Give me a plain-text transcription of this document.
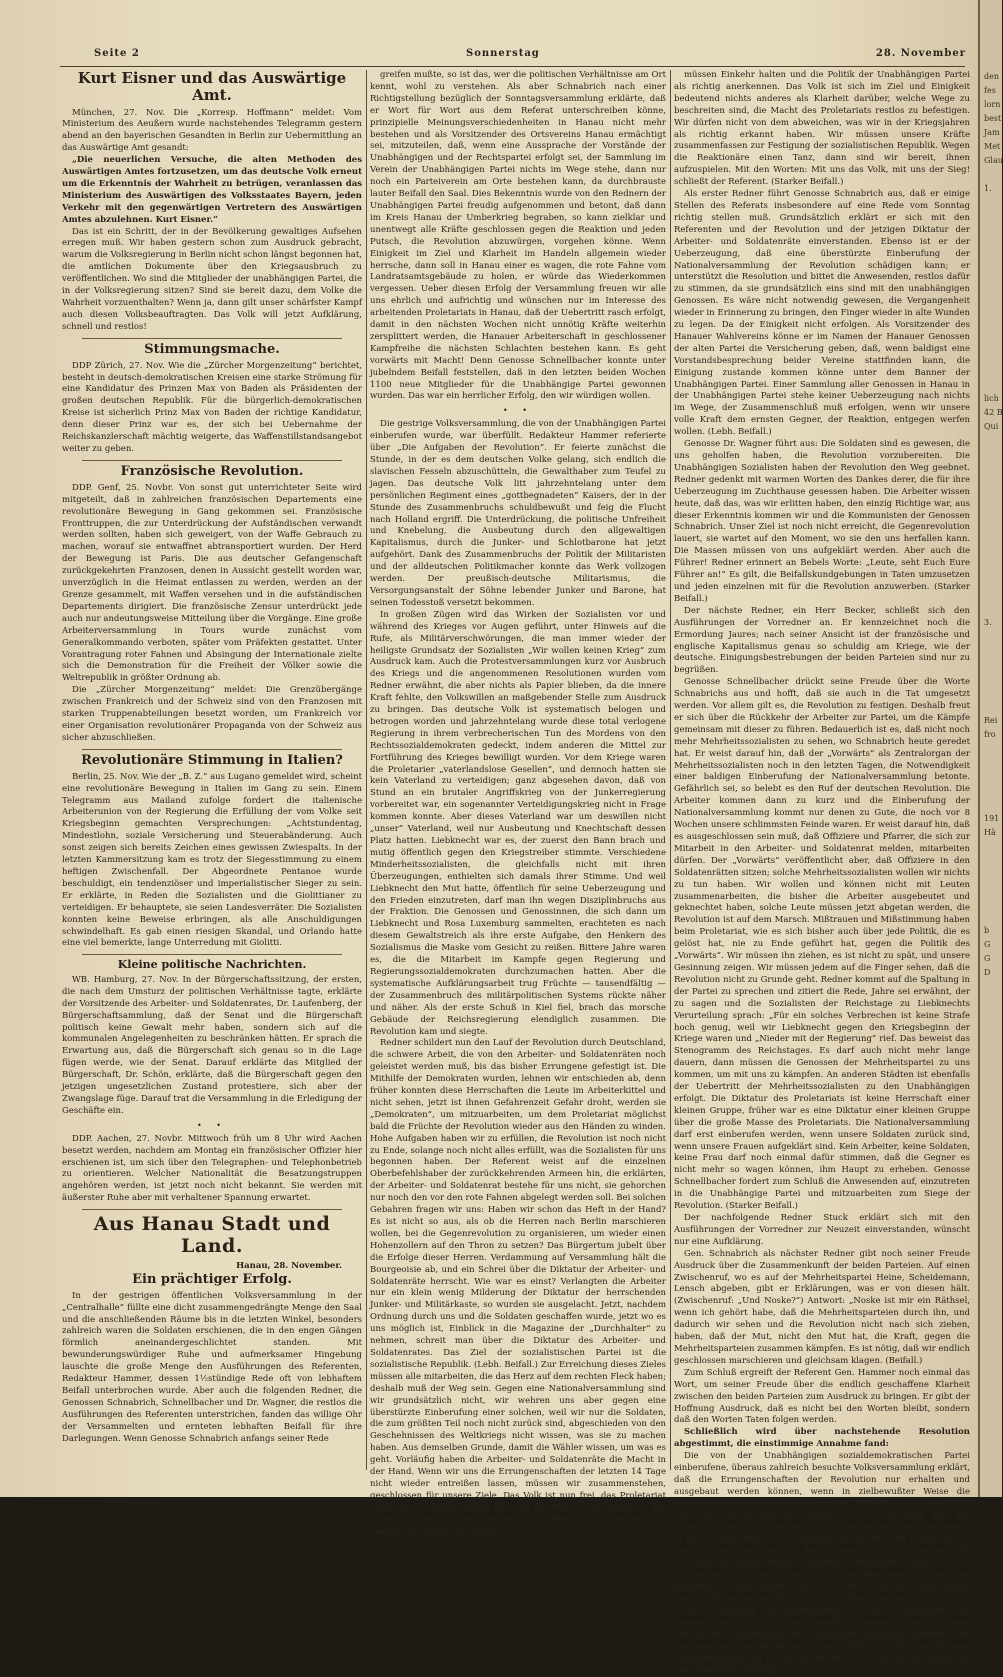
den
fes
lorn
best
Jam
Met
Glau

1.

lich
42 B
Qui

3.

Rei
fro

191
Hä

b
G
G
D
Seite 2	Sonnerstag	28. November
Kurt Eisner und das Auswärtige Amt.

München, 27. Nov. Die „Korresp. Hoffmann“ meldet: Vom Ministerium des Aeußern wurde nachstehendes Telegramm gestern abend an den bayerischen Gesandten in Berlin zur Uebermittlung an das Auswärtige Amt gesandt:

„Die neuerlichen Versuche, die alten Methoden des Auswärtigen Amtes fortzusetzen, um das deutsche Volk erneut um die Erkenntnis der Wahrheit zu betrügen, veranlassen das Ministerium des Auswärtigen des Volksstaates Bayern, jeden Verkehr mit den gegenwärtigen Vertretern des Auswärtigen Amtes abzulehnen. Kurt Eisner.“

Das ist ein Schritt, der in der Bevölkerung gewaltiges Aufsehen erregen muß. Wir haben gestern schon zum Ausdruck gebracht, warum die Volksregierung in Berlin nicht schon längst begonnen hat, die amtlichen Dokumente über den Kriegsausbruch zu veröffentlichen. Wo sind die Mitglieder der unabhängigen Partei, die in der Volksregierung sitzen? Sind sie bereit dazu, dem Volke die Wahrheit vorzuenthalten? Wenn ja, dann gilt unser schärfster Kampf auch diesen Volksbeauftragten. Das Volk will jetzt Aufklärung, schnell und restlos!

Stimmungsmache.

DDP Zürich, 27. Nov. Wie die „Zürcher Morgenzeitung“ berichtet, besteht in deutsch-demokratischen Kreisen eine starke Strömung für eine Kandidatur des Prinzen Max von Baden als Präsidenten der großen deutschen Republik. Für die bürgerlich-demokratischen Kreise ist sicherlich Prinz Max von Baden der richtige Kandidatur, denn dieser Prinz war es, der sich bei Uebernahme der Reichskanzlerschaft mächtig weigerte, das Waffenstillstandsangebot weiter zu geben.

Französische Revolution.

DDP. Genf, 25. Novbr. Von sonst gut unterrichteter Seite wird mitgeteilt, daß in zahlreichen französischen Departements eine revolutionäre Bewegung in Gang gekommen sei. Französische Fronttruppen, die zur Unterdrückung der Aufständischen verwandt werden sollten, haben sich geweigert, von der Waffe Gebrauch zu machen, worauf sie entwaffnet abtransportiert wurden. Der Herd der Bewegung ist Paris. Die aus deutscher Gefangenschaft zurückgekehrten Franzosen, denen in Aussicht gestellt worden war, unverzüglich in die Heimat entlassen zu werden, werden an der Grenze gesammelt, mit Waffen versehen und in die aufständischen Departements dirigiert. Die französische Zensur unterdrückt jede auch nur andeutungsweise Mitteilung über die Vorgänge. Eine große Arbeiterversammlung in Tours wurde zunächst vom Generalkommando verboten, später vom Präfekten gestattet. Unter Vorantragung roter Fahnen und Absingung der Internationale zielte sich die Demonstration für die Freiheit der Völker sowie die Weltrepublik in größter Ordnung ab.

Die „Zürcher Morgenzeitung“ meldet: Die Grenzübergänge zwischen Frankreich und der Schweiz sind von den Franzosen mit starken Truppenabteilungen besetzt worden, um Frankreich vor einer Organisation revolutionärer Propaganda von der Schweiz aus sicher abzuschließen.

Revolutionäre Stimmung in Italien?

Berlin, 25. Nov. Wie der „B. Z.“ aus Lugano gemeldet wird, scheint eine revolutionäre Bewegung in Italien im Gang zu sein. Einem Telegramm aus Mailand zufolge fordert die italienische Arbeiterunion von der Regierung die Erfüllung der vom Volke seit Kriegsbeginn gemachten Versprechungen: „Achtstundentag, Mindestlohn, soziale Versicherung und Steuerabänderung. Auch sonst zeigen sich bereits Zeichen eines gewissen Zwiespalts. In der letzten Kammersitzung kam es trotz der Siegesstimmung zu einem heftigen Zwischenfall. Der Abgeordnete Pentanoe wurde beschuldigt, ein tendenziöser und imperialistischer Sieger zu sein. Er erklärte, in Reden die Sozialisten und die Giolittianer zu verteidigen. Er behauptete, sie seien Landesverräter. Die Sozialisten konnten keine Beweise erbringen, als alle Anschuldigungen schwindelhaft. Es gab einen riesigen Skandal, und Orlando hatte eine viel bemerkte, lange Unterredung mit Giolitti.

Kleine politische Nachrichten.

WB. Hamburg, 27. Nov. In der Bürgerschaftssitzung, der ersten, die nach dem Umsturz der politischen Verhältnisse tagte, erklärte der Vorsitzende des Arbeiter- und Soldatenrates, Dr. Laufenberg, der Bürgerschaftsammlung, daß der Senat und die Bürgerschaft politisch keine Gewalt mehr haben, sondern sich auf die kommunalen Angelegenheiten zu beschränken hätten. Er sprach die Erwartung aus, daß die Bürgerschaft sich genau so in die Lage fügen werde, wie der Senat. Darauf erklärte das Mitglied der Bürgerschaft, Dr. Schön, erklärte, daß die Bürgerschaft gegen den jetzigen ungesetzlichen Zustand protestiere, sich aber der Zwangslage füge. Darauf trat die Versammlung in die Erledigung der Geschäfte ein.

• •

DDP. Aachen, 27. Novbr. Mittwoch früh um 8 Uhr wird Aachen besetzt werden, nachdem am Montag ein französischer Offizier hier erschienen ist, um sich über den Telegraphen- und Telephonbetrieb zu orientieren. Welcher Nationalität die Besatzungstruppen angehören werden, ist jetzt noch nicht bekannt. Sie werden mit äußerster Ruhe aber mit verhaltener Spannung erwartet.

Aus Hanau Stadt und Land.
Hanau, 28. November.
Ein prächtiger Erfolg.

In der gestrigen öffentlichen Volksversammlung in der „Centralhalle“ füllte eine dicht zusammengedrängte Menge den Saal und die anschließenden Räume bis in die letzten Winkel, besonders zahlreich waren die Soldaten erschienen, die in den engen Gängen förmlich aneinandergeschlichtet standen. Mit bewunderungswürdiger Ruhe und aufmerksamer Hingebung lauschte die große Menge den Ausführungen des Referenten, Redakteur Hammer, dessen 1½stündige Rede oft von lebhaftem Beifall unterbrochen wurde. Aber auch die folgenden Redner, die Genossen Schnabrich, Schnellbacher und Dr. Wagner, die restlos die Ausführungen des Referenten unterstrichen, fanden das willige Ohr der Versammelten und ernteten lebhaften Beifall für ihre Darlegungen. Wenn Genosse Schnabrich anfangs seiner Rede

greifen mußte, so ist das, wer die politischen Verhältnisse am Ort kennt, wohl zu verstehen. Als aber Schnabrich nach einer Richtigstellung bezüglich der Sonntagsversammlung erklärte, daß er Wort für Wort aus dem Referat unterschreiben könne, prinzipielle Meinungsverschiedenheiten in Hanau nicht mehr bestehen und als Vorsitzender des Ortsvereins Hanau ermächtigt sei, mitzuteilen, daß, wenn eine Aussprache der Vorstände der Unabhängigen und der Rechtspartei erfolgt sei, der Sammlung im Verein der Unabhängigen Partei nichts im Wege stehe, dann nur noch ein Parteiverein am Orte bestehen kann, da durchbrauste lauter Beifall den Saal. Dies Bekenntnis wurde von den Rednern der Unabhängigen Partei freudig aufgenommen und betont, daß dann im Kreis Hanau der Umberkrieg begraben, so kann zielklar und unentwegt alle Kräfte geschlossen gegen die Reaktion und jeden Putsch, die Revolution abzuwürgen, vorgehen könne. Wenn Einigkeit im Ziel und Klarheit im Handeln allgemein wieder herrsche, dann soll in Hanau einer es wagen, die rote Fahne vom Landratsamtsgebäude zu holen, er würde das Wiederkommen vergessen. Ueber diesen Erfolg der Versammlung freuen wir alle uns ehrlich und aufrichtig und wünschen nur im Interesse des arbeitenden Proletariats in Hanau, daß der Uebertritt rasch erfolgt, damit in den nächsten Wochen nicht unnötig Kräfte weiterhin zersplittert werden, die Hanauer Arbeiterschaft in geschlossener Kampfreihe die nächsten Schlachten bestehen kann. Es geht vorwärts mit Macht! Denn Genosse Schnellbacher konnte unter jubelndem Beifall feststellen, daß in den letzten beiden Wochen 1100 neue Mitglieder für die Unabhängige Partei gewonnen wurden. Das war ein herrlicher Erfolg, den wir würdigen wollen.

• •

Die gestrige Volksversammlung, die von der Unabhängigen Partei einberufen wurde, war überfüllt. Redakteur Hammer referierte über „Die Aufgaben der Revolution“. Er feierte zunächst die Stunde, in der es dem deutschen Volke gelang, sich endlich die slavischen Fesseln abzuschütteln, die Gewalthaber zum Teufel zu jagen. Das deutsche Volk litt jahrzehntelang unter dem persönlichen Regiment eines „gottbegnadeten“ Kaisers, der in der Stunde des Zusammenbruchs schuldbewußt und feig die Flucht nach Holland ergriff. Die Unterdrückung, die politische Unfreiheit und Knebelung, die Ausbeutung durch den allgewaltigen Kapitalismus, durch die Junker- und Schlotbarone hat jetzt aufgehört. Dank des Zusammenbruchs der Politik der Militaristen und der alldeutschen Politikmacher konnte das Werk vollzogen werden. Der preußisch-deutsche Militarismus, die Versorgungsanstalt der Söhne lebender Junker und Barone, hat seinen Todesstoß versetzt bekommen.

In großen Zügen wird das Wirken der Sozialisten vor und während des Krieges vor Augen geführt, unter Hinweis auf die Rufe, als Militärverschwörungen, die man immer wieder der heiligste Grundsatz der Sozialisten „Wir wollen keinen Krieg“ zum Ausdruck kam. Auch die Protestversammlungen kurz vor Ausbruch des Kriegs und die angenommenen Resolutionen wurden vom Redner erwähnt, die aber nichts als Papier blieben, da die innere Kraft fehlte, den Volkswillen an maßgebender Stelle zum Ausdruck zu bringen. Das deutsche Volk ist systematisch belogen und betrogen worden und jahrzehntelang wurde diese total verlogene Regierung in ihrem verbrecherischen Tun des Mordens von den Rechtssozialdemokraten gedeckt, indem anderen die Mittel zur Fortführung des Krieges bewilligt wurden. Vor dem Kriege waren die Proletarier „vaterlandslose Gesellen“, und dennoch hatten sie kein Vaterland zu verteidigen; ganz abgesehen davon, daß von Stund an ein brutaler Angriffskrieg von der Junkerregierung vorbereitet war, ein sogenannter Verteidigungskrieg nicht in Frage kommen konnte. Aber dieses Vaterland war um deswillen nicht „unser“ Vaterland, weil nur Ausbeutung und Knechtschaft dessen Platz hatten. Liebknecht war es, der zuerst den Bann brach und mutig öffentlich gegen den Kriegstreiber stimmte. Verschiedene Minderheitssozialisten, die gleichfalls nicht mit ihren Überzeugungen, enthielten sich damals ihrer Stimme. Und weil Liebknecht den Mut hatte, öffentlich für seine Ueberzeugung und den Frieden einzutreten, darf man ihn wegen Disziplinbruchs aus der Fraktion. Die Genossen und Genossinnen, die sich dann um Liebknecht und Rosa Luxemburg sammelten, erachteten es nach diesem Gewaltstreich als ihre erste Aufgabe, den Henkern des Sozialismus die Maske vom Gesicht zu reißen. Bittere Jahre waren es, die die Mitarbeit im Kampfe gegen Regierung und Regierungssozialdemokraten durchzumachen hatten. Aber die systematische Aufklärungsarbeit trug Früchte — tausendfältig — der Zusammenbruch des militärpolitischen Systems rückte näher und näher. Als der erste Schuß in Kiel fiel, brach das morsche Gebäude der Reichsregierung elendiglich zusammen. Die Revolution kam und siegte.

Redner schildert nun den Lauf der Revolution durch Deutschland, die schwere Arbeit, die von den Arbeiter- und Soldatenräten noch geleistet werden muß, bis das bisher Errungene gefestigt ist. Die Mithilfe der Demokraten wurden, lehnen wir entschieden ab, denn früher konnten diese Herrschaften die Leute im Arbeiterkittel und nicht sehen, jetzt ist ihnen Gefahrenzeit Gefahr droht, werden sie „Demokraten“, um mitzuarbeiten, um dem Proletariat möglichst bald die Früchte der Revolution wieder aus den Händen zu winden. Hohe Aufgaben haben wir zu erfüllen, die Revolution ist noch nicht zu Ende, solange noch nicht alles erfüllt, was die Sozialisten für uns begonnen haben. Der Referent weist auf die einzelnen Oberbefehlshaber der zurückkehrenden Armeen hin, die erklärten, der Arbeiter- und Soldatenrat bestehe für uns nicht, sie gehorchen nur noch den vor den rote Fahnen abgelegt werden soll. Bei solchen Gebahren fragen wir uns: Haben wir schon das Heft in der Hand? Es ist nicht so aus, als ob die Herren nach Berlin marschieren wollen, bei die Gegenrevolution zu organisieren, um wieder einen Hohenzollern auf den Thron zu setzen? Das Bürgertum jubelt über die Erfolge dieser Herren. Verdammung auf Versammlung hält die Bourgeoisie ab, und ein Schrei über die Diktatur der Arbeiter- und Soldatenräte herrscht. Wie war es einst? Verlangten die Arbeiter nur ein klein wenig Milderung der Diktatur der herrschenden Junker- und Militärkaste, so wurden sie ausgelacht. Jetzt, nachdem Ordnung durch uns und die Soldaten geschaffen wurde, jetzt wo es uns möglich ist, Einblick in die Magazine der „Durchhalter“ zu nehmen, schreit man über die Diktatur des Arbeiter- und Soldatenrates. Das Ziel der sozialistischen Partei ist die sozialistische Republik. (Lebh. Beifall.) Zur Erreichung dieses Zieles müssen alle mitarbeiten, die das Herz auf dem rechten Fleck haben; deshalb muß der Weg sein. Gegen eine Nationalversammlung sind wir grundsätzlich nicht, wir wehren uns aber gegen eine überstürzte Einberufung einer solchen, weil wir nur die Soldaten, die zum größten Teil noch nicht zurück sind, abgeschieden von den Geschehnissen des Weltkriegs nicht wissen, was sie zu machen haben. Aus demselben Grunde, damit die Wähler wissen, um was es geht. Vorläufig haben die Arbeiter- und Soldatenräte die Macht in der Hand. Wenn wir uns die Errungenschaften der letzten 14 Tage nicht wieder entreißen lassen, müssen wir zusammenstehen, geschlossen für unsere Ziele. Das Volk ist nun frei, das Proletariat muß, was es übernommen hat und die Führer, die bisher in der Politik nur ein bißchen hier und da Waffenstillstand geführt, um deshalb die Mittel bewilligten,

müssen Einkehr halten und die Politik der Unabhängigen Partei als richtig anerkennen. Das Volk ist sich im Ziel und Einigkeit bedeutend nichts anderes als Klarheit darüber, welche Wege zu beschreiten sind, die Macht des Proletariats restlos zu befestigen. Wir dürfen nicht von dem abweichen, was wir in der Kriegsjahren als richtig erkannt haben. Wir müssen unsere Kräfte zusammenfassen zur Festigung der sozialistischen Republik. Wegen die Reaktionäre einen Tanz, dann sind wir bereit, ihnen aufzuspielen. Mit den Worten: Mit uns das Volk, mit uns der Sieg! schließt der Referent. (Starker Beifall.)

Als erster Redner führt Genosse Schnabrich aus, daß er einige Stellen des Referats insbesondere auf eine Rede vom Sonntag richtig stellen muß. Grundsätzlich erklärt er sich mit den Referenten und der Revolution und der jetzigen Diktatur der Arbeiter- und Soldatenräte einverstanden. Ebenso ist er der Ueberzeugung, daß eine überstürzte Einberufung der Nationalversammlung der Revolution schädigen kann; er unterstützt die Resolution und bittet die Anwesenden, restlos dafür zu stimmen, da sie grundsätzlich eins sind mit den unabhängigen Genossen. Es wäre nicht notwendig gewesen, die Vergangenheit wieder in Erinnerung zu bringen, den Finger wieder in alte Wunden zu legen. Da der Einigkeit nicht erfolgen. Als Vorsitzender des Hanauer Wahlvereins könne er im Namen der Hanauer Genossen der alten Partei die Versicherung geben, daß, wenn baldigst eine Vorstandsbesprechung beider Vereine stattfinden kann, die Einigung zustande kommen könne unter dem Banner der Unabhängigen Partei. Einer Sammlung aller Genossen in Hanau in der Unabhängigen Partei stehe keiner Ueberzeugung nach nichts im Wege, der Zusammenschluß muß erfolgen, wenn wir unsere volle Kraft dem ernsten Gegner, der Reaktion, entgegen werfen wollen. (Lebh. Beifall.)

Genosse Dr. Wagner führt aus: Die Soldaten sind es gewesen, die uns geholfen haben, die Revolution vorzubereiten. Die Unabhängigen Sozialisten haben der Revolution den Weg geebnet. Redner gedenkt mit warmen Worten des Dankes derer, die für ihre Ueberzeugung im Zuchthause gesessen haben. Die Arbeiter wissen heute, daß das, was wir erlitten haben, den einzig Richtige war, aus dieser Erkenntnis kommen wir und die Kommunisten der Genossen Schnabrich. Unser Ziel ist noch nicht erreicht, die Gegenrevolution lauert, sie wartet auf den Moment, wo sie den uns herfallen kann. Die Massen müssen von uns aufgeklärt werden. Aber auch die Führer! Redner erinnert an Bebels Worte: „Leute, seht Euch Eure Führer an!“ Es gilt, die Beifallskundgebungen in Taten umzusetzen und jeden einzelnen mit für die Revolution anzuwerben. (Starker Beifall.)

Der nächste Redner, ein Herr Becker, schließt sich den Ausführungen der Vorredner an. Er kennzeichnet noch die Ermordung Jaures; nach seiner Ansicht ist der französische und englische Kapitalismus genau so schuldig am Kriege, wie der deutsche. Einigungsbestrebungen der beiden Parteien sind nur zu begrüßen.

Genosse Schnellbacher drückt seine Freude über die Worte Schnabrichs aus und hofft, daß sie auch in die Tat umgesetzt werden. Vor allem gilt es, die Revolution zu festigen. Deshalb freut er sich über die Rückkehr der Arbeiter zur Partei, um die Kämpfe gemeinsam mit dieser zu führen. Bedauerlich ist es, daß nicht noch mehr Mehrheitssozialisten zu sehen, wo Schnabrich heute geredet hat. Er weist darauf hin, daß der „Vorwärts“ als Zentralorgan der Mehrheitssozialisten noch in den letzten Tagen, die Notwendigkeit einer baldigen Einberufung der Nationalversammlung betonte. Gefährlich sei, so belebt es den Ruf der deutschen Revolution. Die Arbeiter kommen dann zu kurz und die Einberufung der Nationalversammlung kommt nur denen zu Gute, die noch vor 8 Wochen unsere schlimmsten Feinde waren. Er weist darauf hin, daß es ausgeschlossen sein muß, daß Offiziere und Pfarrer, die sich zur Mitarbeit in den Arbeiter- und Soldatenrat melden, mitarbeiten dürfen. Der „Vorwärts“ veröffentlicht aber, daß Offiziere in den Soldatenrätten sitzen; solche Mehrheitssozialisten wollen wir nichts zu tun haben. Wir wollen und können nicht mit Leuten zusammenarbeiten, die bisher die Arbeiter ausgebeutet und geknechtet haben, solche Leute müssen jetzt abgetan werden, die Revolution ist auf dem Marsch. Mißtrauen und Mißstimmung haben beim Proletariat, wie es sich bisher auch über jede Politik, die es gelöst hat, nie zu Ende geführt hat, gegen die Politik des „Vorwärts“. Wir müssen ihn ziehen, es ist nicht zu spät, und unsere Gesinnung zeigen. Wir müssen jedem auf die Finger sehen, daß die Revolution nicht zu Grunde geht. Redner kommt auf die Spaltung in der Partei zu sprechen und zitiert die Rede, Jahre sei erwähnt, der zu sagen und die Sozialisten der Reichstage zu Liebknechts Verurteilung sprach: „Für ein solches Verbrechen ist keine Strafe hoch genug, weil wir Liebknecht gegen den Kriegsbeginn der Kriege waren und „Nieder mit der Regierung“ rief. Das beweist das Stenogramm des Reichstages. Es darf auch nicht mehr lange dauern, dann müssen die Genossen der Mehrheitspartei zu uns kommen, um mit uns zu kämpfen. An anderen Städten ist ebenfalls der Uebertritt der Mehrheitssozialisten zu den Unabhängigen erfolgt. Die Diktatur des Proletariats ist keine Herrschaft einer kleinen Gruppe, früher war es eine Diktatur einer kleinen Gruppe über die große Masse des Proletariats. Die Nationalversammlung darf erst einberufen werden, wenn unsere Soldaten zurück sind, wenn unsere Frauen aufgeklärt sind. Kein Arbeiter, keine Soldaten, keine Frau darf noch einmal dafür stimmen, daß die Gegner es nicht mehr so wagen können, ihm Haupt zu erheben. Genosse Schnellbacher fordert zum Schluß die Anwesenden auf, einzutreten in die Unabhängige Partei und mitzuarbeiten zum Siege der Revolution. (Starker Beifall.)

Der nachfolgende Redner Stuck erklärt sich mit den Ausführungen der Vorredner zur Neuzeit einverstanden, wünscht nur eine Aufklärung.

Gen. Schnabrich als nächster Redner gibt noch seiner Freude Ausdruck über die Zusammenkunft der beiden Parteien. Auf einen Zwischenruf, wo es auf der Mehrheitspartei Heine, Scheidemann, Lensch abgeben, gibt er Erklärungen, was er von diesen hält. (Zwischenruf: „Und Noske?“) Antwort: „Noske ist mir ein Räthsel, wenn ich gehört habe, daß die Mehrheitsparteien durch ihn, und dadurch wir sehen und die Revolution nicht nach sich ziehen, haben, daß der Mut, nicht den Mut hat, die Kraft, gegen die Mehrheitsparteien zusammen kämpfen. Es ist nötig, daß wir endlich geschlossen marschieren und gleichsam klagen. (Beifall.)

Zum Schluß ergreift der Referent Gen. Hammer noch einmal das Wort, um seiner Freude über die endlich geschaffene Klarheit zwischen den beiden Parteien zum Ausdruck zu bringen. Er gibt der Hoffnung Ausdruck, daß es nicht bei den Worten bleibt, sondern daß den Worten Taten folgen werden.

Schließlich wird über nachstehende Resolution abgestimmt, die einstimmige Annahme fand:

Die von der Unabhängigen sozialdemokratischen Partei einberufene, überaus zahlreich besuchte Volksversammlung erklärt, daß die Errungenschaften der Revolution nur erhalten und ausgebaut werden können, wenn in zielbewußter Weise die sozialistische Wirtschaftsweise in eine sozialistische übergeführt wird. Um dieses Ziel zu sichern, ist es notwendig, daß das Proletariat die politische Gewalt, die ihm die Revolution verliehen, in ihrer Hand behält. Die Ausübung der politischen Gewalt durch das Proletariat geschieht in den Arbeiter- und Soldatenräten, die sich nicht mit sozialistischen Elementen freizuhalten haben.

Eine Nationalversammlung ist einzuberufen, wenn die Garantie gegeben ist, daß dadurch nicht die Herrschaft der Demokratie, sondern die wahre Ausdruck des Volkswillens werden.

Diese Garantien sind gegenwärtig noch nicht vorhanden. Nur Gegner der sozialistischen Republik können daher für eine überstürzte Einberufung der Nationalversammlung eintreten. Die Versammlung beauftragt, mit allen Kräften für die Unabhängige sozialdemokratische Partei einzutreten, da sie allein die Sicherung der Revolution verbürgt.
